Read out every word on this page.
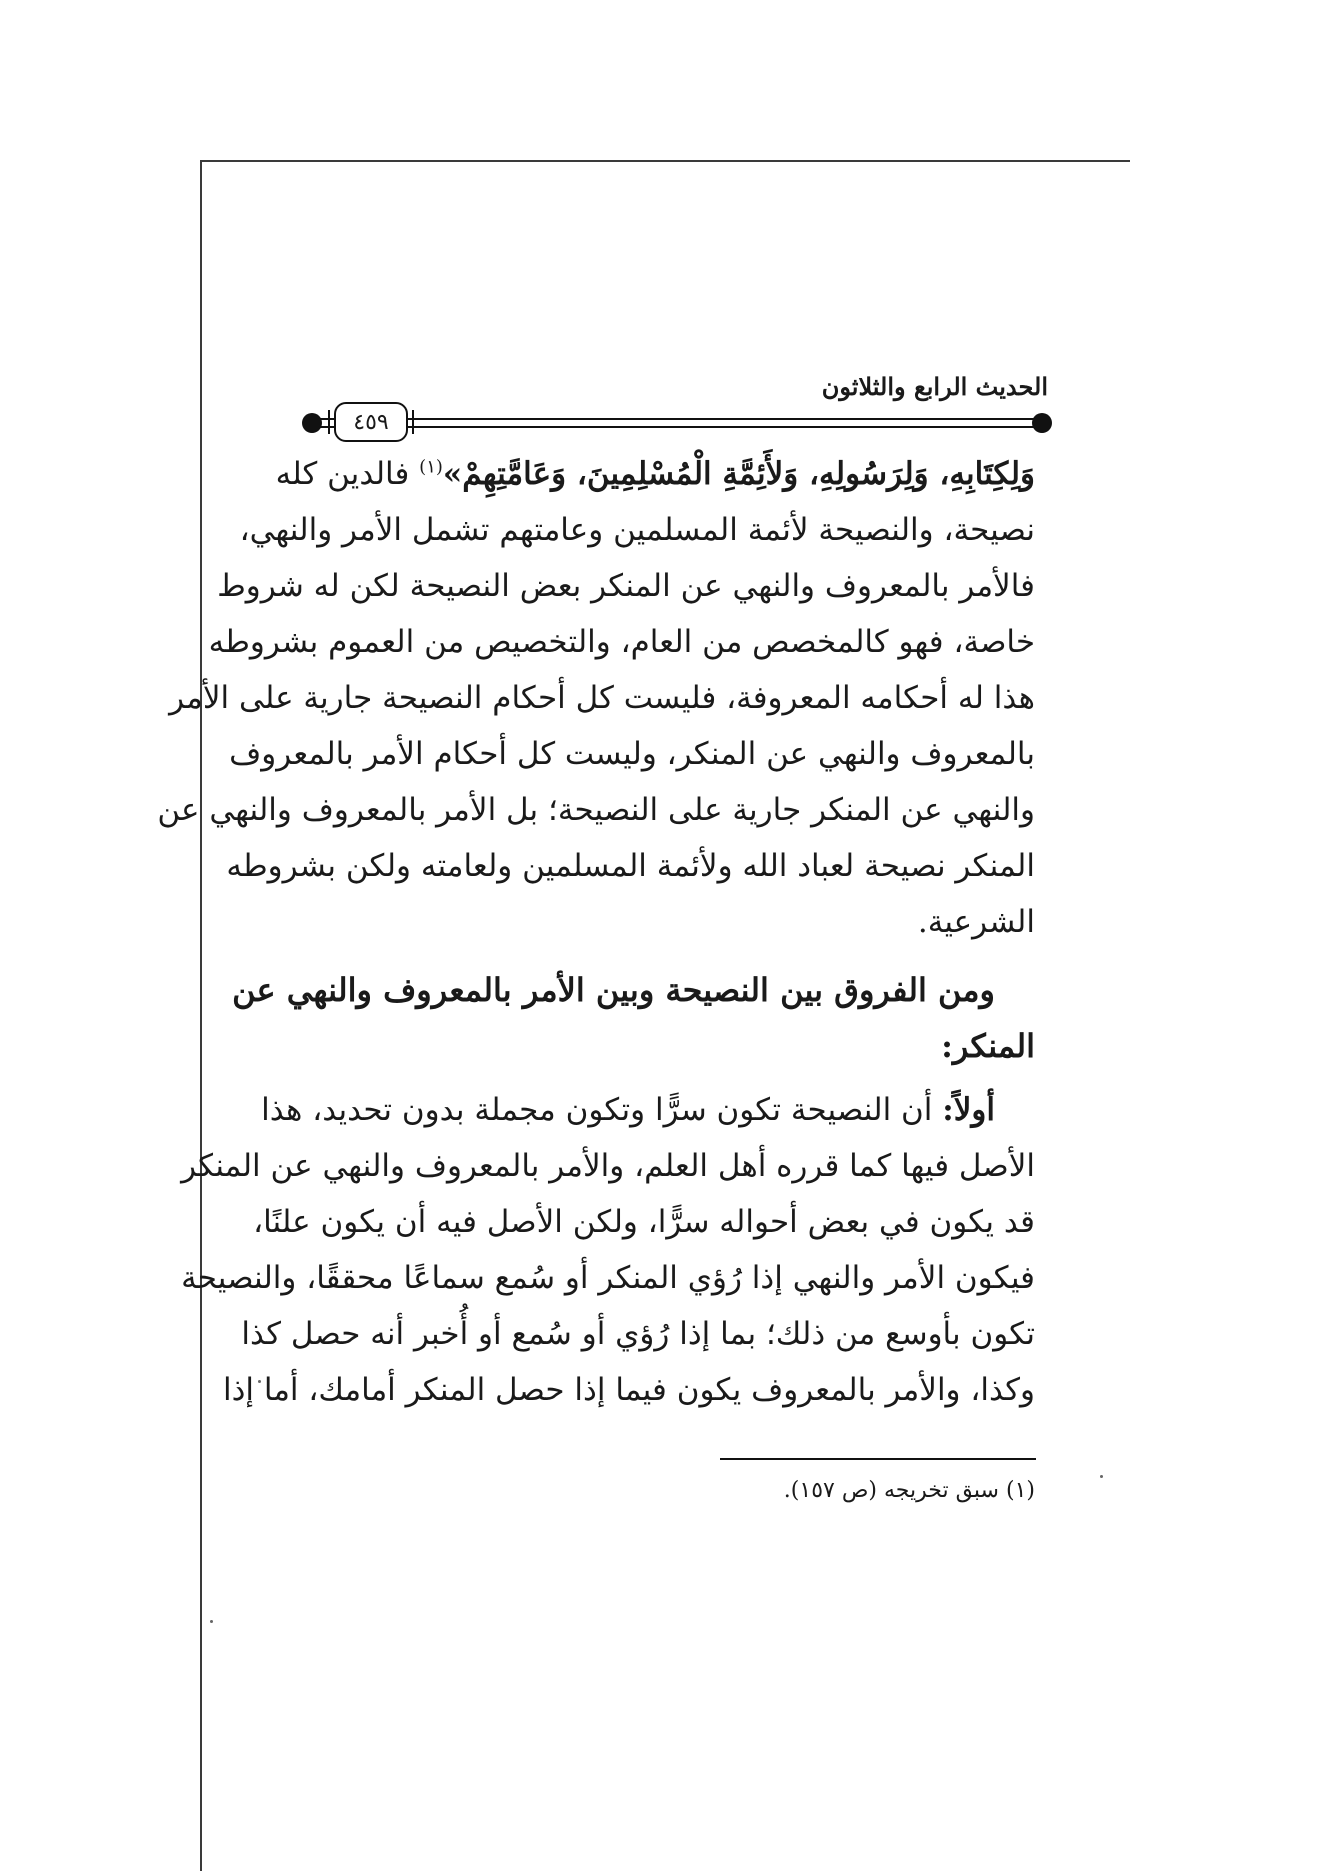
الحديث الرابع والثلاثون
٤٥٩
وَلِكِتَابِهِ، وَلِرَسُولِهِ، وَلأَئِمَّةِ الْمُسْلِمِينَ، وَعَامَّتِهِمْ»$^{(١)}$ فالدين كله
نصيحة، والنصيحة لأئمة المسلمين وعامتهم تشمل الأمر والنهي،
فالأمر بالمعروف والنهي عن المنكر بعض النصيحة لكن له شروط
خاصة، فهو كالمخصص من العام، والتخصيص من العموم بشروطه
هذا له أحكامه المعروفة، فليست كل أحكام النصيحة جارية على الأمر
بالمعروف والنهي عن المنكر، وليست كل أحكام الأمر بالمعروف
والنهي عن المنكر جارية على النصيحة؛ بل الأمر بالمعروف والنهي عن
المنكر نصيحة لعباد الله ولأئمة المسلمين ولعامته ولكن بشروطه
الشرعية.
ومن الفروق بين النصيحة وبين الأمر بالمعروف والنهي عن
المنكر:
أولاً: أن النصيحة تكون سرًّا وتكون مجملة بدون تحديد، هذا
الأصل فيها كما قرره أهل العلم، والأمر بالمعروف والنهي عن المنكر
قد يكون في بعض أحواله سرًّا، ولكن الأصل فيه أن يكون علنًا،
فيكون الأمر والنهي إذا رُؤي المنكر أو سُمع سماعًا محققًا، والنصيحة
تكون بأوسع من ذلك؛ بما إذا رُؤي أو سُمع أو أُخبر أنه حصل كذا
وكذا، والأمر بالمعروف يكون فيما إذا حصل المنكر أمامك، أما إذا
(١) سبق تخريجه (ص ١٥٧).
